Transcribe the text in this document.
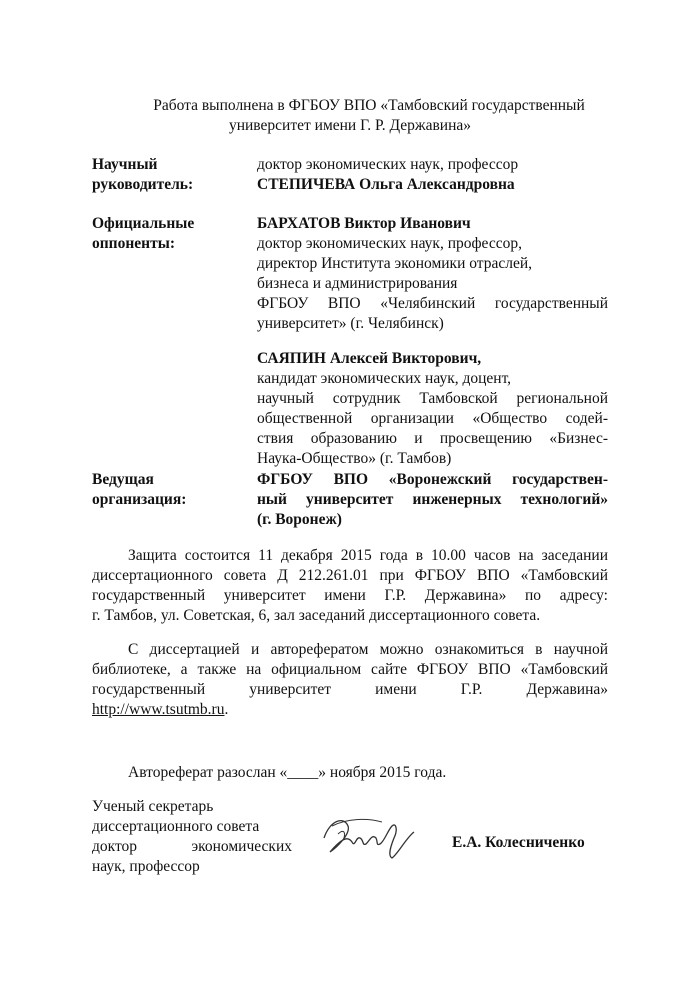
Работа выполнена в ФГБОУ ВПО «Тамбовский государственный
университет имени Г. Р. Державина»
Научный
руководитель:
доктор экономических наук, профессор
СТЕПИЧЕВА Ольга Александровна
Официальные
оппоненты:
БАРХАТОВ Виктор Иванович
доктор экономических наук, профессор,
директор Института экономики отраслей,
бизнеса и администрирования
ФГБОУ ВПО «Челябинский государственный
университет» (г. Челябинск)
САЯПИН Алексей Викторович,
кандидат экономических наук, доцент,
научный сотрудник Тамбовской региональной
общественной организации «Общество содей-
ствия образованию и просвещению «Бизнес-
Наука-Общество» (г. Тамбов)
Ведущая
организация:
ФГБОУ ВПО «Воронежский государствен-
ный университет инженерных технологий»
(г. Воронеж)
Защита состоится 11 декабря 2015 года в 10.00 часов на заседании
диссертационного совета Д 212.261.01 при ФГБОУ ВПО «Тамбовский
государственный университет имени Г.Р. Державина» по адресу:
г. Тамбов, ул. Советская, 6, зал заседаний диссертационного совета.
С диссертацией и авторефератом можно ознакомиться в научной
библиотеке, а также на официальном сайте ФГБОУ ВПО «Тамбовский
государственный университет имени Г.Р. Державина»
http://www.tsutmb.ru.
Автореферат разослан «____» ноября 2015 года.
Ученый секретарь
диссертационного совета
доктор экономических
наук, профессор
Е.А. Колесниченко
